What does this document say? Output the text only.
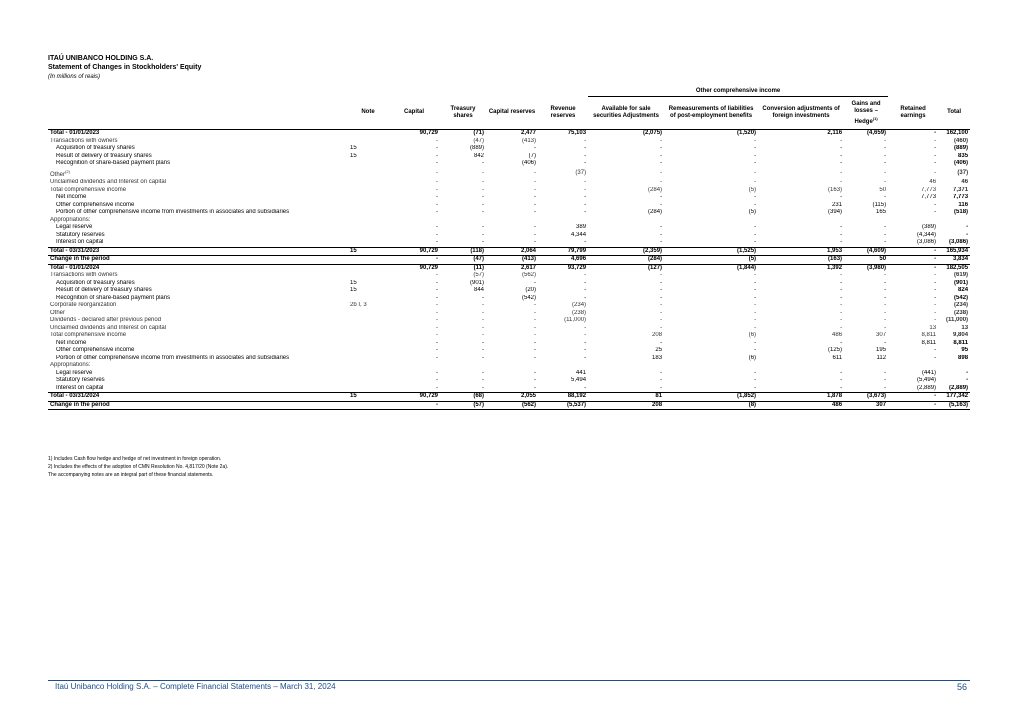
ITAÚ UNIBANCO HOLDING S.A.
Statement of Changes in Stockholders' Equity
(In millions of reais)
						Other comprehensive income					
	Note	Capital	Treasury shares	Capital reserves	Revenue reserves	Available for sale securities Adjustments	Remeasurements of liabilities of post-employment benefits	Conversion adjustments of foreign investments	Gains and losses – Hedge$^{(1)}$	Retained earnings	Total
Total - 01/01/2023		90,729	(71)	2,477	75,103	(2,075)	(1,520)	2,116	(4,659)	-	162,100
Transactions with owners		-	(47)	(413)	-	-	-	-	-	-	(460)
Acquisition of treasury shares	15	-	(889)	-	-	-	-	-	-	-	(889)
Result of delivery of treasury shares	15	-	842	(7)	-	-	-	-	-	-	835
Recognition of share-based payment plans		-	-	(406)	-	-	-	-	-	-	(406)
Other$^{(2)}$		-	-	-	(37)	-	-	-	-	-	(37)
Unclaimed dividends and Interest on capital		-	-	-	-	-	-	-	-	46	46
Total comprehensive income		-	-	-	-	(284)	(5)	(163)	50	7,773	7,371
Net income		-	-	-	-	-	-	-	-	7,773	7,773
Other comprehensive income		-	-	-	-	-	-	231	(115)	-	116
Portion of other comprehensive income from investments in associates and subsidiaries		-	-	-	-	(284)	(5)	(394)	165	-	(518)
Appropriations:											
Legal reserve		-	-	-	389	-	-	-	-	(389)	-
Statutory reserves		-	-	-	4,344	-	-	-	-	(4,344)	-
Interest on capital		-	-	-	-	-	-	-	-	(3,086)	(3,086)
Total - 03/31/2023	15	90,729	(118)	2,064	79,799	(2,359)	(1,525)	1,953	(4,609)	-	165,934
Change in the period		-	(47)	(413)	4,696	(284)	(5)	(163)	50	-	3,834
Total - 01/01/2024		90,729	(11)	2,617	93,729	(127)	(1,844)	1,392	(3,980)	-	182,505
Transactions with owners		-	(57)	(562)	-	-	-	-	-	-	(619)
Acquisition of treasury shares	15	-	(901)	-	-	-	-	-	-	-	(901)
Result of delivery of treasury shares	15	-	844	(20)	-	-	-	-	-	-	824
Recognition of share-based payment plans		-	-	(542)	-	-	-	-	-	-	(542)
Corporate reorganization	2b I, 3	-	-	-	(234)	-	-	-	-	-	(234)
Other		-	-	-	(238)	-	-	-	-	-	(238)
Dividends - declared after previous period		-	-	-	(11,000)	-	-	-	-	-	(11,000)
Unclaimed dividends and Interest on capital		-	-	-	-	-	-	-	-	13	13
Total comprehensive income		-	-	-	-	208	(6)	486	307	8,811	9,804
Net income		-	-	-	-	-	-	-	-	8,811	8,811
Other comprehensive income		-	-	-	-	25	-	(125)	195	-	95
Portion of other comprehensive income from investments in associates and subsidiaries		-	-	-	-	183	(6)	611	112	-	898
Appropriations:											
Legal reserve		-	-	-	441	-	-	-	-	(441)	-
Statutory reserves		-	-	-	5,494	-	-	-	-	(5,494)	-
Interest on capital		-	-	-	-	-	-	-	-	(2,889)	(2,889)
Total - 03/31/2024	15	90,729	(68)	2,055	88,192	81	(1,852)	1,878	(3,673)	-	177,342
Change in the period		-	(57)	(562)	(5,537)	208	(8)	486	307	-	(5,163)
1) Includes Cash flow hedge and hedge of net investment in foreign operation.
2) Includes the effects of the adoption of CMN Resolution No. 4,817/20 (Note 2a).
The accompanying notes are an integral part of these financial statements.
Itaú Unibanco Holding S.A. – Complete Financial Statements – March 31, 2024	56
